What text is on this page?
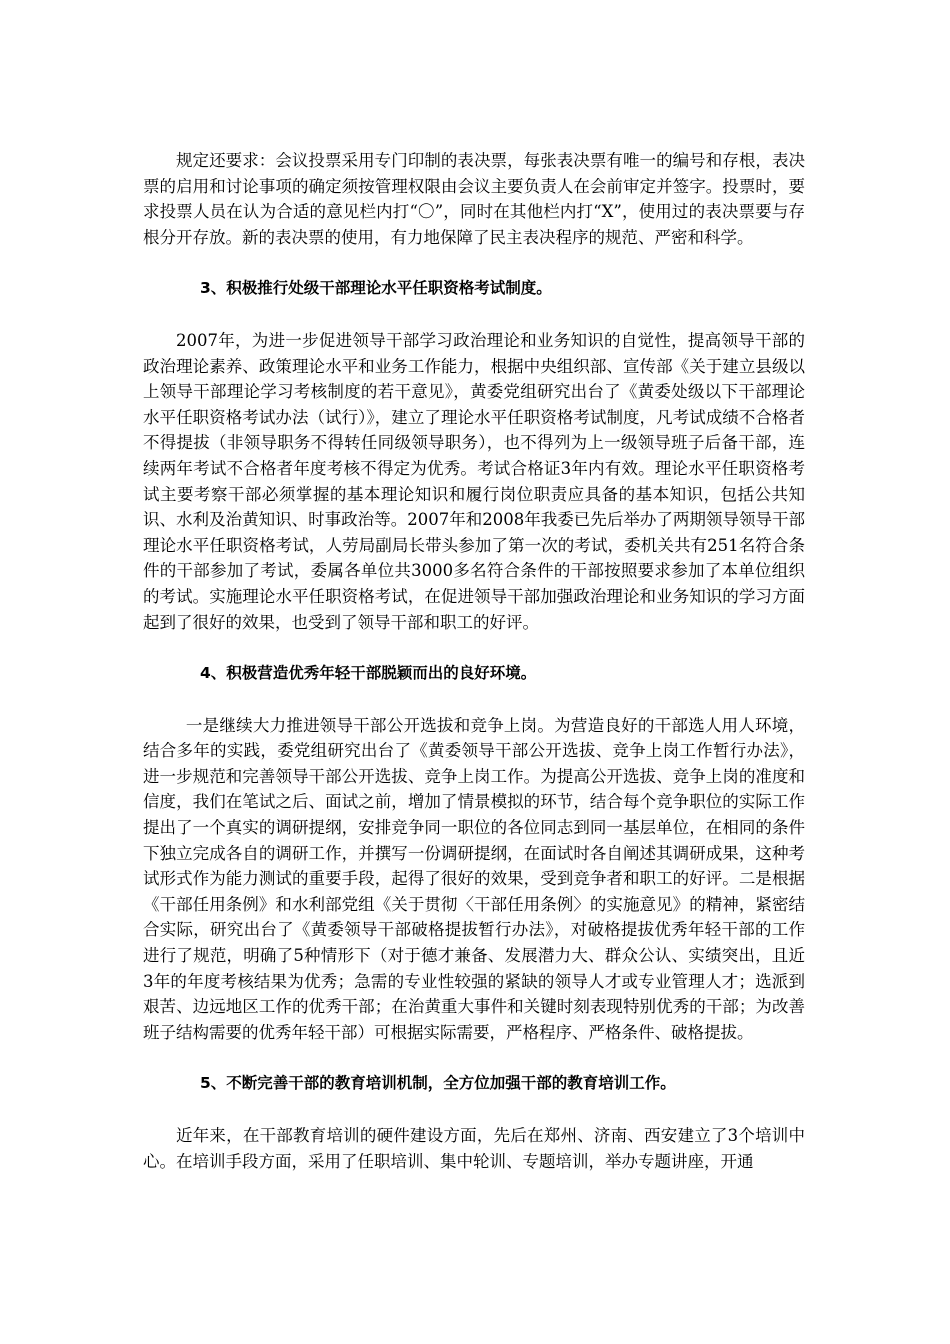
规定还要求：会议投票采用专门印制的表决票，每张表决票有唯一的编号和存根，表决票的启用和讨论事项的确定须按管理权限由会议主要负责人在会前审定并签字。投票时，要求投票人员在认为合适的意见栏内打“〇”，同时在其他栏内打“X”，使用过的表决票要与存根分开存放。新的表决票的使用，有力地保障了民主表决程序的规范、严密和科学。

3、积极推行处级干部理论水平任职资格考试制度。

2007年，为进一步促进领导干部学习政治理论和业务知识的自觉性，提高领导干部的政治理论素养、政策理论水平和业务工作能力，根据中央组织部、宣传部《关于建立县级以上领导干部理论学习考核制度的若干意见》，黄委党组研究出台了《黄委处级以下干部理论水平任职资格考试办法（试行）》，建立了理论水平任职资格考试制度，凡考试成绩不合格者不得提拔（非领导职务不得转任同级领导职务），也不得列为上一级领导班子后备干部，连续两年考试不合格者年度考核不得定为优秀。考试合格证3年内有效。理论水平任职资格考试主要考察干部必须掌握的基本理论知识和履行岗位职责应具备的基本知识，包括公共知识、水利及治黄知识、时事政治等。2007年和2008年我委已先后举办了两期领导领导干部理论水平任职资格考试，人劳局副局长带头参加了第一次的考试，委机关共有251名符合条件的干部参加了考试，委属各单位共3000多名符合条件的干部按照要求参加了本单位组织的考试。实施理论水平任职资格考试，在促进领导干部加强政治理论和业务知识的学习方面起到了很好的效果，也受到了领导干部和职工的好评。

4、积极营造优秀年轻干部脱颖而出的良好环境。

一是继续大力推进领导干部公开选拔和竞争上岗。为营造良好的干部选人用人环境，结合多年的实践，委党组研究出台了《黄委领导干部公开选拔、竞争上岗工作暂行办法》，进一步规范和完善领导干部公开选拔、竞争上岗工作。为提高公开选拔、竞争上岗的准度和信度，我们在笔试之后、面试之前，增加了情景模拟的环节，结合每个竞争职位的实际工作提出了一个真实的调研提纲，安排竞争同一职位的各位同志到同一基层单位，在相同的条件下独立完成各自的调研工作，并撰写一份调研提纲，在面试时各自阐述其调研成果，这种考试形式作为能力测试的重要手段，起得了很好的效果，受到竞争者和职工的好评。二是根据《干部任用条例》和水利部党组《关于贯彻〈干部任用条例〉的实施意见》的精神，紧密结合实际，研究出台了《黄委领导干部破格提拔暂行办法》，对破格提拔优秀年轻干部的工作进行了规范，明确了5种情形下（对于德才兼备、发展潜力大、群众公认、实绩突出，且近3年的年度考核结果为优秀；急需的专业性较强的紧缺的领导人才或专业管理人才；选派到艰苦、边远地区工作的优秀干部；在治黄重大事件和关键时刻表现特别优秀的干部；为改善班子结构需要的优秀年轻干部）可根据实际需要，严格程序、严格条件、破格提拔。

5、不断完善干部的教育培训机制，全方位加强干部的教育培训工作。

近年来，在干部教育培训的硬件建设方面，先后在郑州、济南、西安建立了3个培训中心。在培训手段方面，采用了任职培训、集中轮训、专题培训，举办专题讲座，开通
